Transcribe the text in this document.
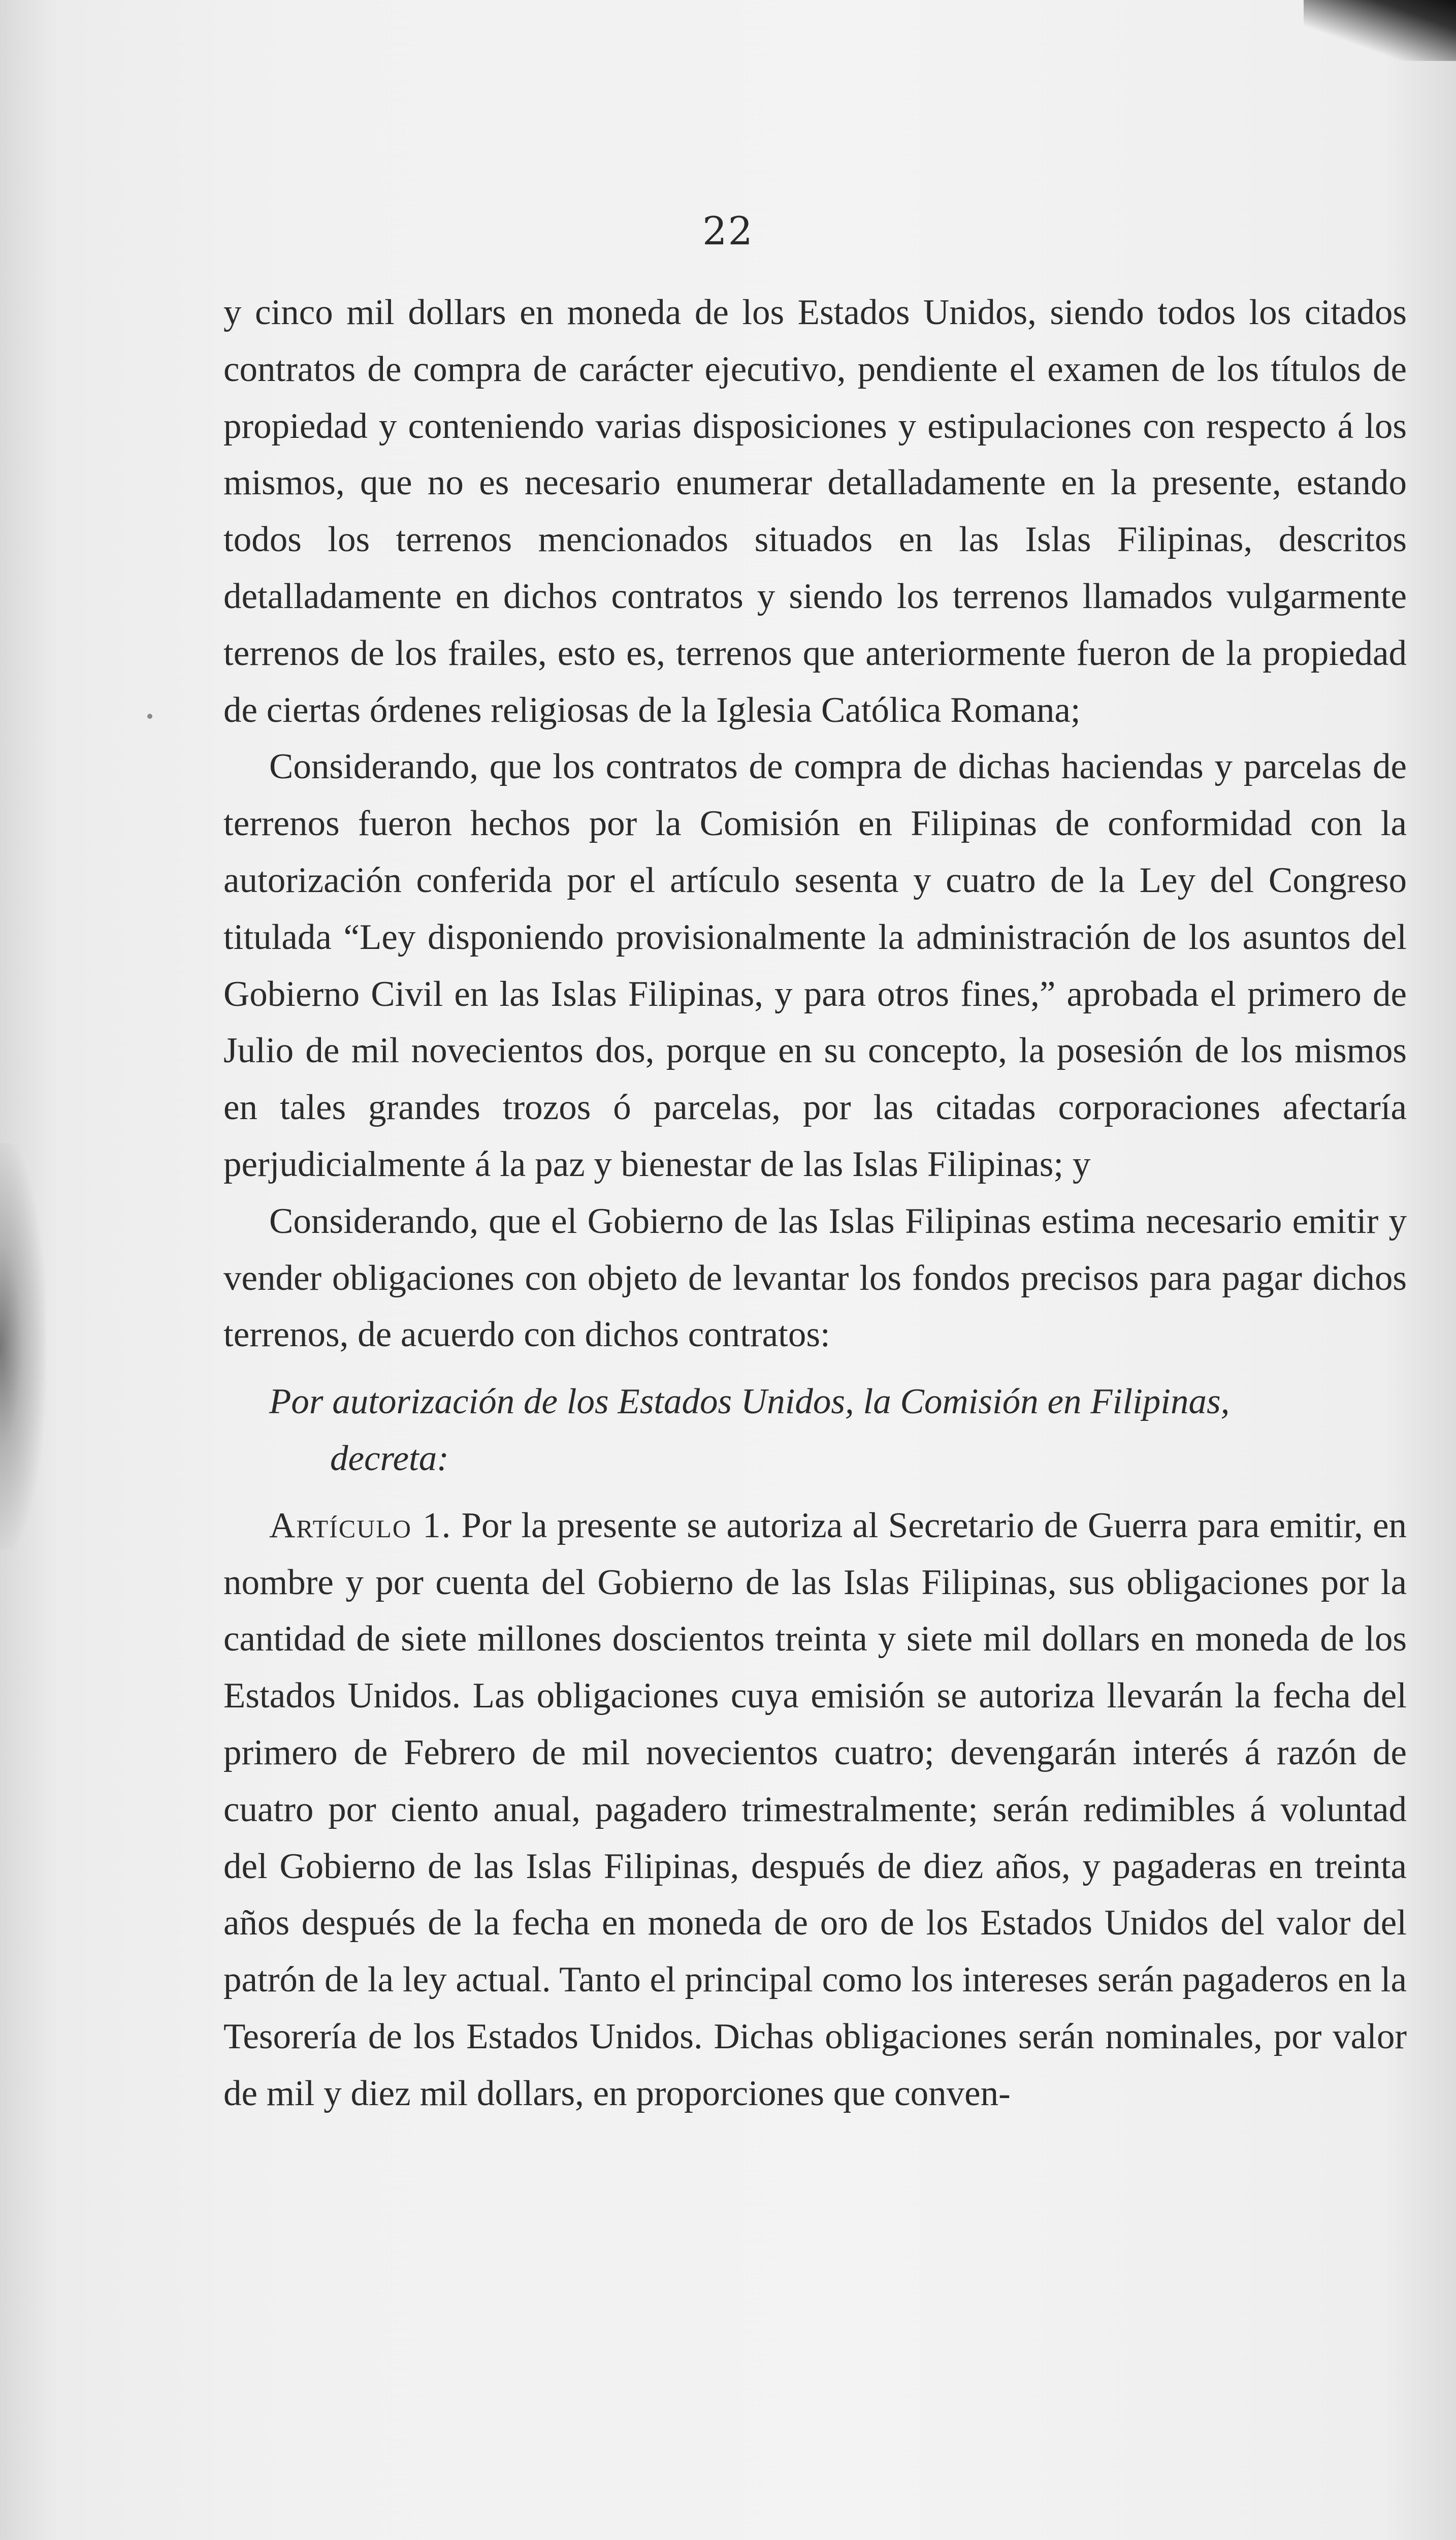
22

y cinco mil dollars en moneda de los Estados Unidos, siendo todos los citados contratos de compra de carácter ejecutivo, pendiente el examen de los títulos de propiedad y conteniendo varias disposiciones y estipulaciones con respecto á los mismos, que no es necesario enumerar detalladamente en la presente, estando todos los terrenos mencionados situados en las Islas Filipinas, descritos detalladamente en dichos contratos y siendo los terrenos llamados vulgarmente terrenos de los frailes, esto es, terrenos que anteriormente fueron de la propiedad de ciertas órdenes religiosas de la Iglesia Católica Romana;

Considerando, que los contratos de compra de dichas haciendas y parcelas de terrenos fueron hechos por la Comisión en Filipinas de conformidad con la autorización conferida por el artículo sesenta y cuatro de la Ley del Congreso titulada “Ley disponiendo provisionalmente la administración de los asuntos del Gobierno Civil en las Islas Filipinas, y para otros fines,” aprobada el primero de Julio de mil novecientos dos, porque en su concepto, la posesión de los mismos en tales grandes trozos ó parcelas, por las citadas corporaciones afectaría perjudicialmente á la paz y bienestar de las Islas Filipinas; y

Considerando, que el Gobierno de las Islas Filipinas estima necesario emitir y vender obligaciones con objeto de levantar los fondos precisos para pagar dichos terrenos, de acuerdo con dichos contratos:

Por autorización de los Estados Unidos, la Comisión en Filipinas,
decreta:

Artículo 1. Por la presente se autoriza al Secretario de Guerra para emitir, en nombre y por cuenta del Gobierno de las Islas Filipinas, sus obligaciones por la cantidad de siete millones doscientos treinta y siete mil dollars en moneda de los Estados Unidos. Las obligaciones cuya emisión se autoriza llevarán la fecha del primero de Febrero de mil novecientos cuatro; devengarán interés á razón de cuatro por ciento anual, pagadero trimestralmente; serán redimibles á voluntad del Gobierno de las Islas Filipinas, después de diez años, y pagaderas en treinta años después de la fecha en moneda de oro de los Estados Unidos del valor del patrón de la ley actual. Tanto el principal como los intereses serán pagaderos en la Tesorería de los Estados Unidos. Dichas obligaciones serán nominales, por valor de mil y diez mil dollars, en proporciones que conven-
